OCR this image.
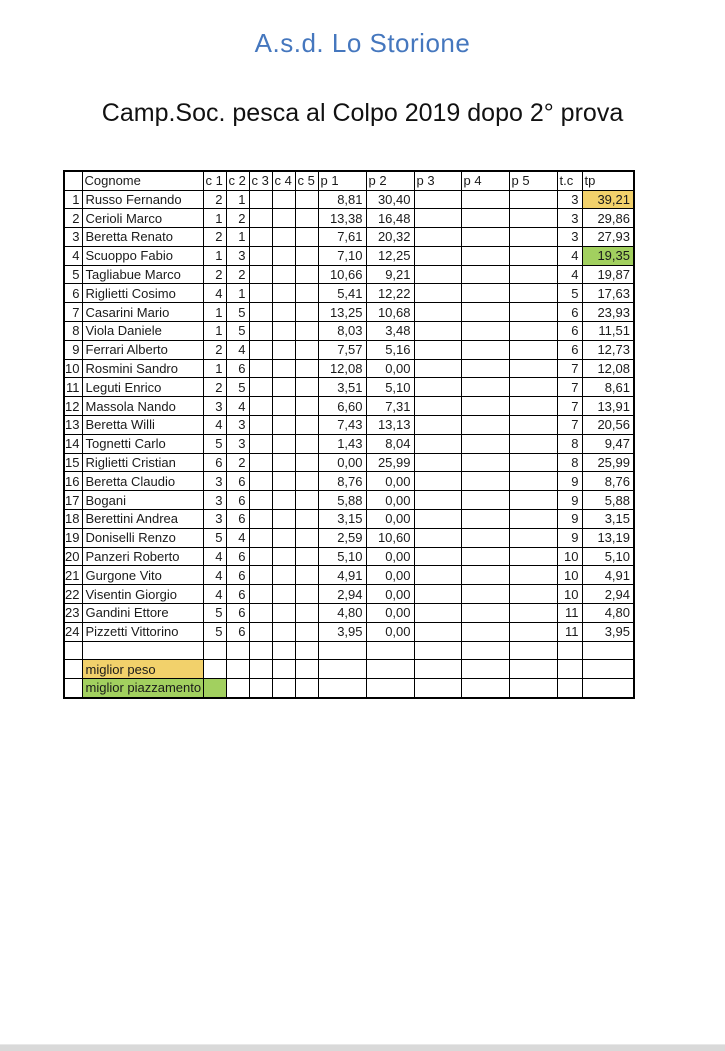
A.s.d. Lo Storione
Camp.Soc. pesca al Colpo 2019 dopo 2° prova
	Cognome	c 1	c 2	c 3	c 4	c 5	p 1	p 2	p 3	p 4	p 5	t.c	tp
1	Russo Fernando	2	1				8,81	30,40				3	39,21
2	Cerioli Marco	1	2				13,38	16,48				3	29,86
3	Beretta Renato	2	1				7,61	20,32				3	27,93
4	Scuoppo Fabio	1	3				7,10	12,25				4	19,35
5	Tagliabue Marco	2	2				10,66	9,21				4	19,87
6	Riglietti Cosimo	4	1				5,41	12,22				5	17,63
7	Casarini Mario	1	5				13,25	10,68				6	23,93
8	Viola Daniele	1	5				8,03	3,48				6	11,51
9	Ferrari Alberto	2	4				7,57	5,16				6	12,73
10	Rosmini Sandro	1	6				12,08	0,00				7	12,08
11	Leguti Enrico	2	5				3,51	5,10				7	8,61
12	Massola Nando	3	4				6,60	7,31				7	13,91
13	Beretta Willi	4	3				7,43	13,13				7	20,56
14	Tognetti Carlo	5	3				1,43	8,04				8	9,47
15	Riglietti Cristian	6	2				0,00	25,99				8	25,99
16	Beretta Claudio	3	6				8,76	0,00				9	8,76
17	Bogani	3	6				5,88	0,00				9	5,88
18	Berettini Andrea	3	6				3,15	0,00				9	3,15
19	Doniselli Renzo	5	4				2,59	10,60				9	13,19
20	Panzeri Roberto	4	6				5,10	0,00				10	5,10
21	Gurgone Vito	4	6				4,91	0,00				10	4,91
22	Visentin Giorgio	4	6				2,94	0,00				10	2,94
23	Gandini Ettore	5	6				4,80	0,00				11	4,80
24	Pizzetti Vittorino	5	6				3,95	0,00				11	3,95

	miglior peso												
	miglior piazzamento												
